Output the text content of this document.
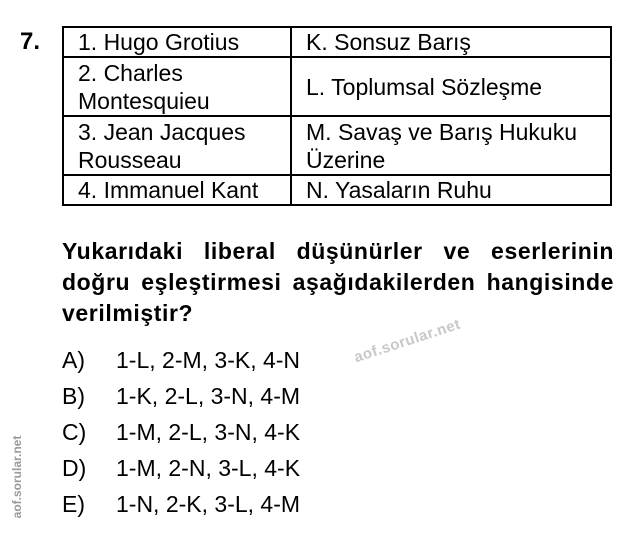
7. 1. Hugo Grotius	K. Sonsuz Barış
2. Charles Montesquieu	L. Toplumsal Sözleşme
3. Jean Jacques Rousseau	M. Savaş ve Barış Hukuku Üzerine
4. Immanuel Kant	N. Yasaların Ruhu
Yukarıdaki liberal düşünürler ve eserlerinin doğru eşleştirmesi aşağıdakilerden hangisinde verilmiştir?
A) 1-L, 2-M, 3-K, 4-N
B) 1-K, 2-L, 3-N, 4-M
C) 1-M, 2-L, 3-N, 4-K
D) 1-M, 2-N, 3-L, 4-K
E) 1-N, 2-K, 3-L, 4-M
aof.sorular.net
aof.sorular.net
